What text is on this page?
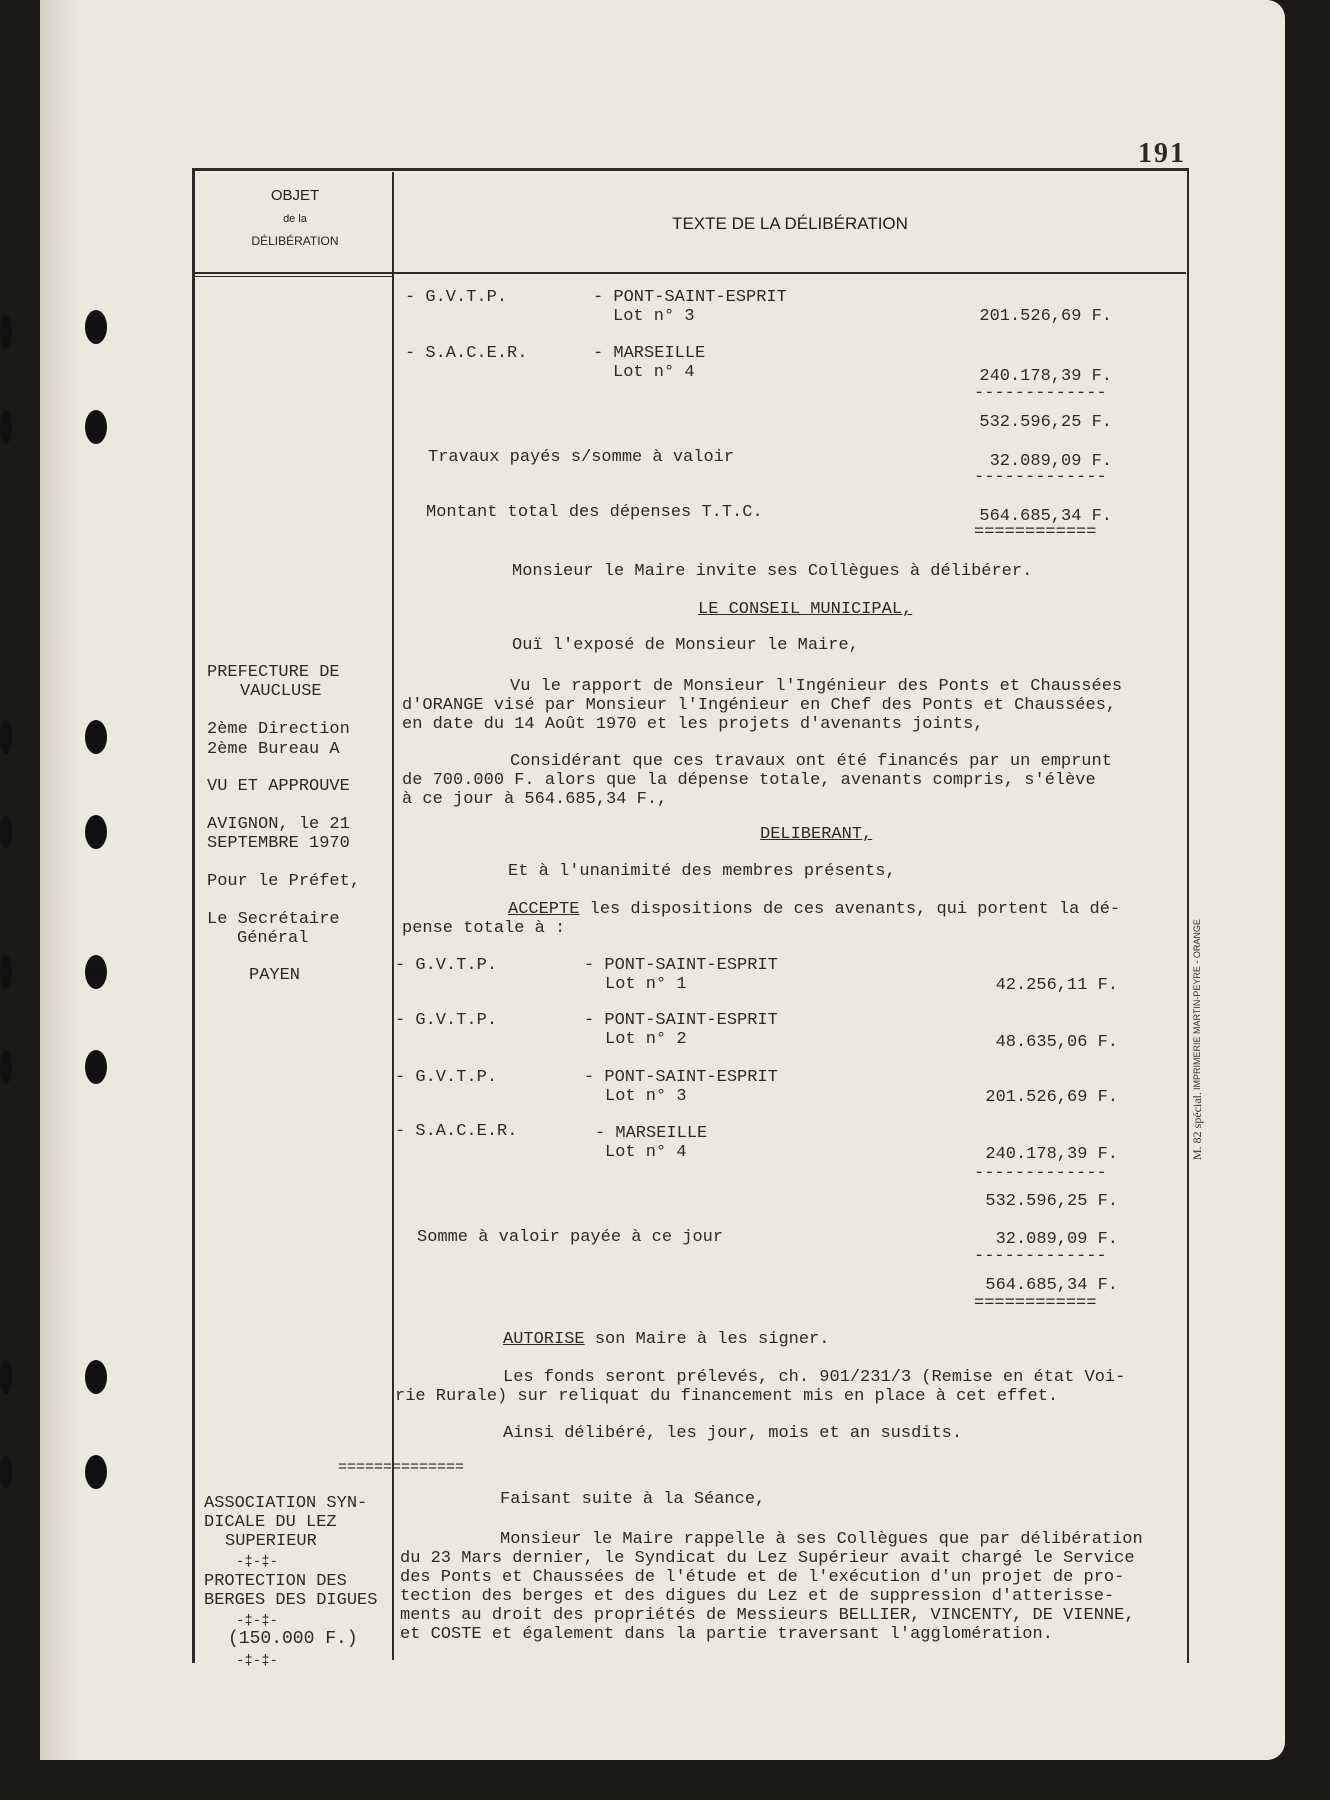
191
OBJET
de la
DÉLIBÉRATION
TEXTE DE LA DÉLIBÉRATION
IMPRIMERIE MARTIN-PEYRE - ORANGE
M. 82 spécial.
PREFECTURE DE
VAUCLUSE
2ème Direction
2ème Bureau A
VU ET APPROUVE
AVIGNON, le 21
SEPTEMBRE 1970
Pour le Préfet,
Le Secrétaire
Général
PAYEN
==============
ASSOCIATION SYN-
DICALE DU LEZ
SUPERIEUR
-‡-‡-
PROTECTION DES
BERGES DES DIGUES
-‡-‡-
(150.000 F.)
-‡-‡-
- G.V.T.P.	- PONT-SAINT-ESPRIT
Lot n° 3	201.526,69 F.
- S.A.C.E.R.	- MARSEILLE
Lot n° 4	240.178,39 F.
-------------
532.596,25 F.
Travaux payés s/somme à valoir	32.089,09 F.
-------------
Montant total des dépenses T.T.C.	564.685,34 F.
============
Monsieur le Maire invite ses Collègues à délibérer.
LE CONSEIL MUNICIPAL,
Ouï l'exposé de Monsieur le Maire,
Vu le rapport de Monsieur l'Ingénieur des Ponts et Chaussées
d'ORANGE visé par Monsieur l'Ingénieur en Chef des Ponts et Chaussées,
en date du 14 Août 1970 et les projets d'avenants joints,
Considérant que ces travaux ont été financés par un emprunt
de 700.000 F. alors que la dépense totale, avenants compris, s'élève
à ce jour à 564.685,34 F.,
DELIBERANT,
Et à l'unanimité des membres présents,
ACCEPTE les dispositions de ces avenants, qui portent la dé-
pense totale à :
- G.V.T.P.	- PONT-SAINT-ESPRIT
Lot n° 1	42.256,11 F.
- G.V.T.P.	- PONT-SAINT-ESPRIT
Lot n° 2	48.635,06 F.
- G.V.T.P.	- PONT-SAINT-ESPRIT
Lot n° 3	201.526,69 F.
- S.A.C.E.R.	- MARSEILLE
Lot n° 4	240.178,39 F.
-------------
532.596,25 F.
Somme à valoir payée à ce jour	32.089,09 F.
-------------
564.685,34 F.
============
AUTORISE son Maire à les signer.
Les fonds seront prélevés, ch. 901/231/3 (Remise en état Voi-
rie Rurale) sur reliquat du financement mis en place à cet effet.
Ainsi délibéré, les jour, mois et an susdits.
Faisant suite à la Séance,
Monsieur le Maire rappelle à ses Collègues que par délibération
du 23 Mars dernier, le Syndicat du Lez Supérieur avait chargé le Service
des Ponts et Chaussées de l'étude et de l'exécution d'un projet de pro-
tection des berges et des digues du Lez et de suppression d'atterisse-
ments au droit des propriétés de Messieurs BELLIER, VINCENTY, DE VIENNE,
et COSTE et également dans la partie traversant l'agglomération.
